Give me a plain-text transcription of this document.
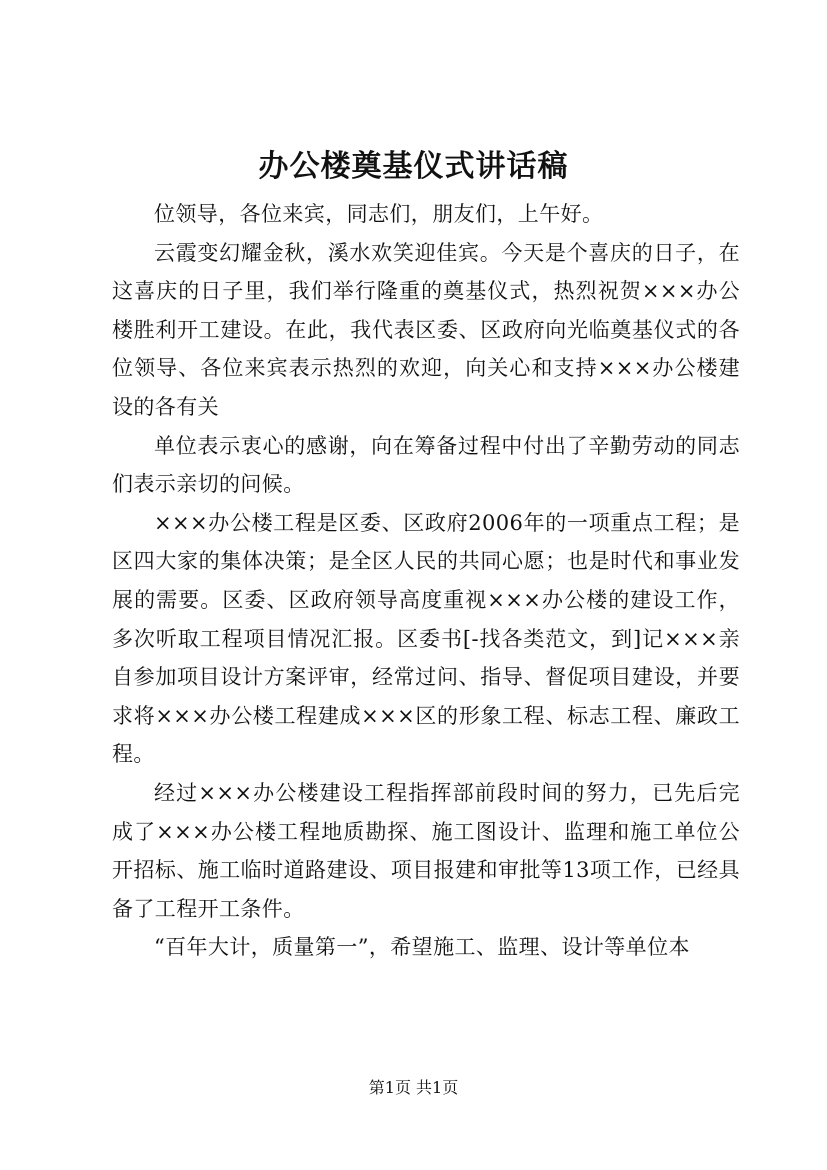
办公楼奠基仪式讲话稿

位领导，各位来宾，同志们，朋友们，上午好。

云霞变幻耀金秋，溪水欢笑迎佳宾。今天是个喜庆的日子，在这喜庆的日子里，我们举行隆重的奠基仪式，热烈祝贺×××办公楼胜利开工建设。在此，我代表区委、区政府向光临奠基仪式的各位领导、各位来宾表示热烈的欢迎，向关心和支持×××办公楼建设的各有关

单位表示衷心的感谢，向在筹备过程中付出了辛勤劳动的同志们表示亲切的问候。

×××办公楼工程是区委、区政府2006年的一项重点工程；是区四大家的集体决策；是全区人民的共同心愿；也是时代和事业发展的需要。区委、区政府领导高度重视×××办公楼的建设工作，多次听取工程项目情况汇报。区委书[-找各类范文，到]记×××亲自参加项目设计方案评审，经常过问、指导、督促项目建设，并要求将×××办公楼工程建成×××区的形象工程、标志工程、廉政工程。

经过×××办公楼建设工程指挥部前段时间的努力，已先后完成了×××办公楼工程地质勘探、施工图设计、监理和施工单位公开招标、施工临时道路建设、项目报建和审批等13项工作，已经具备了工程开工条件。

“百年大计，质量第一”，希望施工、监理、设计等单位本

第1页 共1页
